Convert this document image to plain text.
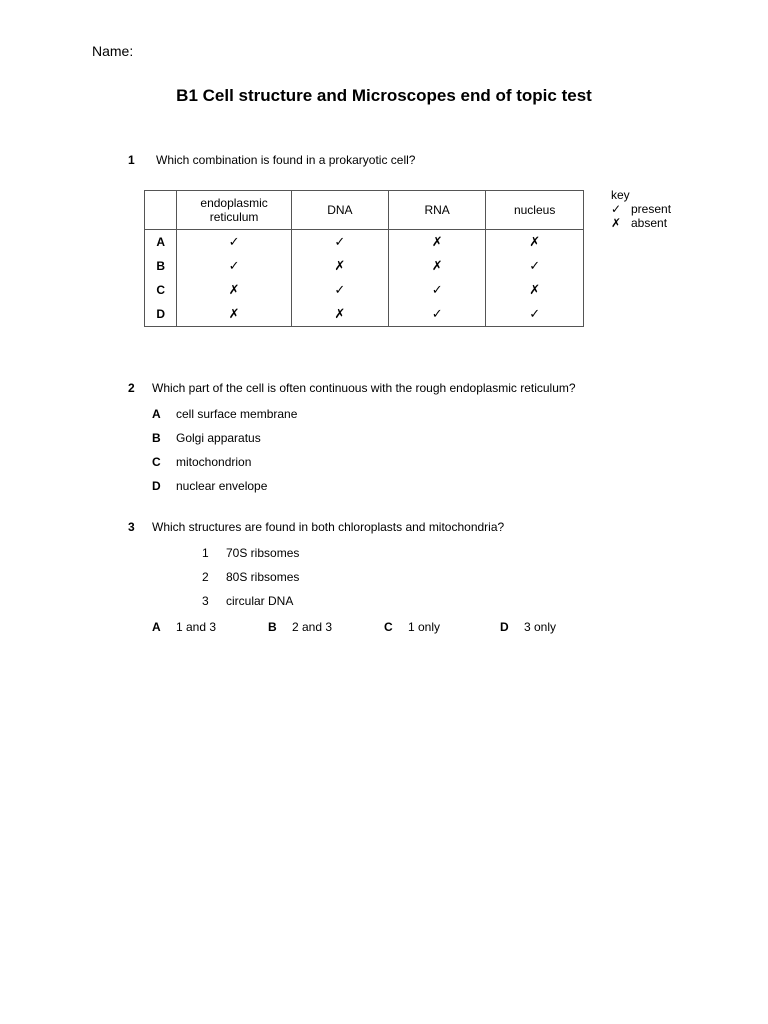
Name:
B1 Cell structure and Microscopes end of topic test
1 Which combination is found in a prokaryotic cell?
	endoplasmic reticulum	DNA	RNA	nucleus
A	✓	✓	✗	✗
B	✓	✗	✗	✓
C	✗	✓	✓	✗
D	✗	✗	✓	✓
key
✓ present
✗ absent
2 Which part of the cell is often continuous with the rough endoplasmic reticulum?
A	cell surface membrane
B	Golgi apparatus
C	mitochondrion
D	nuclear envelope
3 Which structures are found in both chloroplasts and mitochondria?
1	70S ribsomes
2	80S ribsomes
3	circular DNA
A 1 and 3	B 2 and 3	C 1 only	D 3 only
